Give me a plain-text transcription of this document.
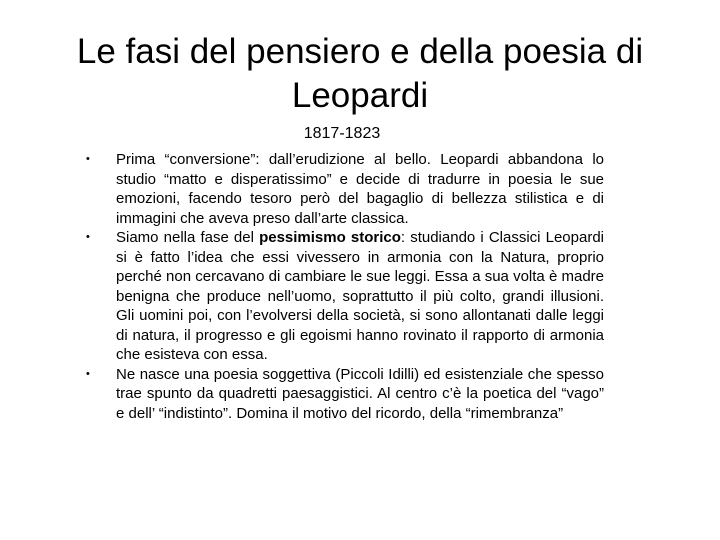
Le fasi del pensiero e della poesia di Leopardi
1817-1823
• Prima “conversione”: dall’erudizione al bello. Leopardi abbandona lo studio “matto e disperatissimo” e decide di tradurre in poesia le sue emozioni, facendo tesoro però del bagaglio di bellezza stilistica e di immagini che aveva preso dall’arte classica.
• Siamo nella fase del pessimismo storico: studiando i Classici Leopardi si è fatto l’idea che essi vivessero in armonia con la Natura, proprio perché non cercavano di cambiare le sue leggi. Essa a sua volta è madre benigna che produce nell’uomo, soprattutto il più colto, grandi illusioni. Gli uomini poi, con l’evolversi della società, si sono allontanati dalle leggi di natura, il progresso e gli egoismi hanno rovinato il rapporto di armonia che esisteva con essa.
• Ne nasce una poesia soggettiva (Piccoli Idilli) ed esistenziale che spesso trae spunto da quadretti paesaggistici. Al centro c’è la poetica del “vago” e dell’ “indistinto”. Domina il motivo del ricordo, della “rimembranza”
